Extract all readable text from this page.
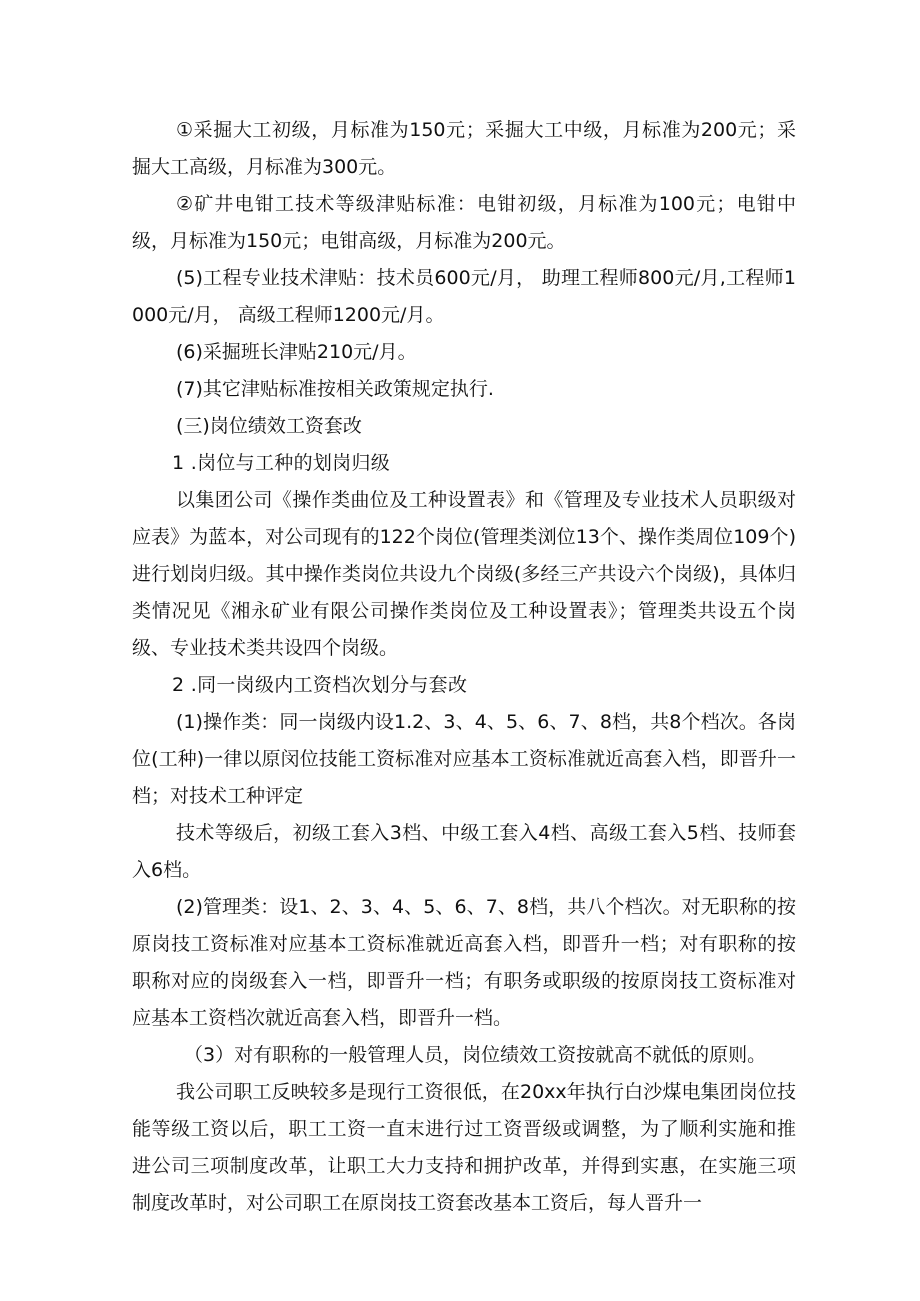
①采掘大工初级，月标准为150元；采掘大工中级，月标准为200元；采掘大工高级，月标准为300元。

②矿井电钳工技术等级津贴标准：电钳初级，月标准为100元；电钳中级，月标准为150元；电钳高级，月标准为200元。

(5)工程专业技术津贴：技术员600元/月， 助理工程师800元/月,工程师1000元/月， 高级工程师1200元/月。

(6)采掘班长津贴210元/月。

(7)其它津贴标准按相关政策规定执行.

(三)岗位绩效工资套改

1 .岗位与工种的划岗归级

以集团公司《操作类曲位及工种设置表》和《管理及专业技术人员职级对应表》为蓝本，对公司现有的122个岗位(管理类浏位13个、操作类周位109个)进行划岗归级。其中操作类岗位共设九个岗级(多经三产共设六个岗级)，具体归类情况见《湘永矿业有限公司操作类岗位及工种设置表》；管理类共设五个岗级、专业技术类共设四个岗级。

2 .同一岗级内工资档次划分与套改

(1)操作类：同一岗级内设1.2、3、4、5、6、7、8档，共8个档次。各岗位(工种)一律以原闵位技能工资标准对应基本工资标准就近高套入档，即晋升一档；对技术工种评定

技术等级后，初级工套入3档、中级工套入4档、高级工套入5档、技师套入6档。

(2)管理类：设1、2、3、4、5、6、7、8档，共八个档次。对无职称的按原岗技工资标准对应基本工资标准就近高套入档，即晋升一档；对有职称的按职称对应的岗级套入一档，即晋升一档；有职务或职级的按原岗技工资标准对应基本工资档次就近高套入档，即晋升一档。

（3）对有职称的一般管理人员，岗位绩效工资按就高不就低的原则。

我公司职工反映较多是现行工资很低，在20xx年执行白沙煤电集团岗位技能等级工资以后，职工工资一直末进行过工资晋级或调整，为了顺利实施和推进公司三项制度改革，让职工大力支持和拥护改革，并得到实惠，在实施三项制度改革时，对公司职工在原岗技工资套改基本工资后，每人晋升一
